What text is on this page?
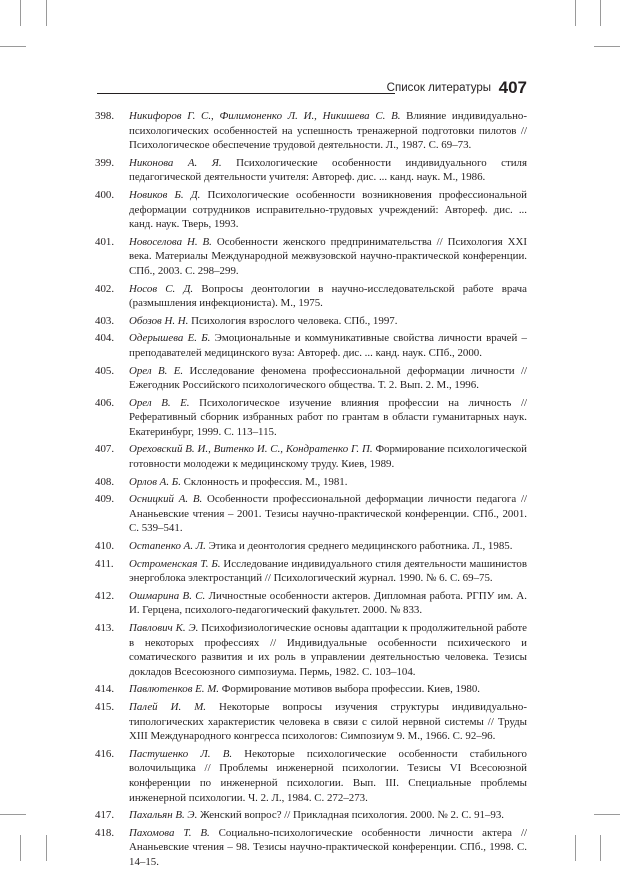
Список литературы 407
398. Никифоров Г. С., Филимоненко Л. И., Никишева С. В. Влияние индивидуально-психологических особенностей на успешность тренажерной подготовки пилотов // Психологическое обеспечение трудовой деятельности. Л., 1987. С. 69–73.
399. Никонова А. Я. Психологические особенности индивидуального стиля педагогической деятельности учителя: Автореф. дис. ... канд. наук. М., 1986.
400. Новиков Б. Д. Психологические особенности возникновения профессиональной деформации сотрудников исправительно-трудовых учреждений: Автореф. дис. ... канд. наук. Тверь, 1993.
401. Новоселова Н. В. Особенности женского предпринимательства // Психология XXI века. Материалы Международной межвузовской научно-практической конференции. СПб., 2003. С. 298–299.
402. Носов С. Д. Вопросы деонтологии в научно-исследовательской работе врача (размышления инфекциониста). М., 1975.
403. Обозов Н. Н. Психология взрослого человека. СПб., 1997.
404. Одерышева Е. Б. Эмоциональные и коммуникативные свойства личности врачей – преподавателей медицинского вуза: Автореф. дис. ... канд. наук. СПб., 2000.
405. Орел В. Е. Исследование феномена профессиональной деформации личности // Ежегодник Российского психологического общества. Т. 2. Вып. 2. М., 1996.
406. Орел В. Е. Психологическое изучение влияния профессии на личность // Реферативный сборник избранных работ по грантам в области гуманитарных наук. Екатеринбург, 1999. С. 113–115.
407. Ореховский В. И., Витенко И. С., Кондратенко Г. П. Формирование психологической готовности молодежи к медицинскому труду. Киев, 1989.
408. Орлов А. Б. Склонность и профессия. М., 1981.
409. Осницкий А. В. Особенности профессиональной деформации личности педагога // Ананьевские чтения – 2001. Тезисы научно-практической конференции. СПб., 2001. С. 539–541.
410. Остапенко А. Л. Этика и деонтология среднего медицинского работника. Л., 1985.
411. Остроменская Т. Б. Исследование индивидуального стиля деятельности машинистов энергоблока электростанций // Психологический журнал. 1990. № 6. С. 69–75.
412. Ошмарина В. С. Личностные особенности актеров. Дипломная работа. РГПУ им. А. И. Герцена, психолого-педагогический факультет. 2000. № 833.
413. Павлович К. Э. Психофизиологические основы адаптации к продолжительной работе в некоторых профессиях // Индивидуальные особенности психического и соматического развития и их роль в управлении деятельностью человека. Тезисы докладов Всесоюзного симпозиума. Пермь, 1982. С. 103–104.
414. Павлютенков Е. М. Формирование мотивов выбора профессии. Киев, 1980.
415. Палей И. М. Некоторые вопросы изучения структуры индивидуально-типологических характеристик человека в связи с силой нервной системы // Труды XIII Международного конгресса психологов: Симпозиум 9. М., 1966. С. 92–96.
416. Пастушенко Л. В. Некоторые психологические особенности стабильного волочильщика // Проблемы инженерной психологии. Тезисы VI Всесоюзной конференции по инженерной психологии. Вып. III. Специальные проблемы инженерной психологии. Ч. 2. Л., 1984. С. 272–273.
417. Пахальян В. Э. Женский вопрос? // Прикладная психология. 2000. № 2. С. 91–93.
418. Пахомова Т. В. Социально-психологические особенности личности актера // Ананьевские чтения – 98. Тезисы научно-практической конференции. СПб., 1998. С. 14–15.
